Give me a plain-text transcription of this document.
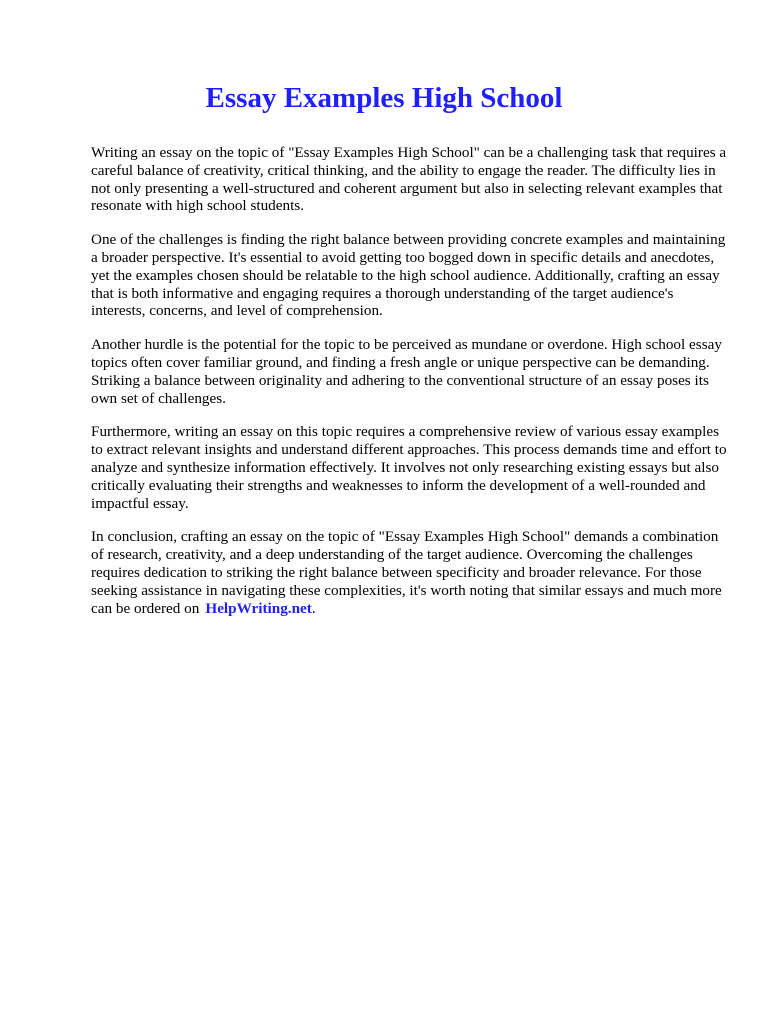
Essay Examples High School

Writing an essay on the topic of "Essay Examples High School" can be a challenging task that requires a careful balance of creativity, critical thinking, and the ability to engage the reader. The difficulty lies in not only presenting a well-structured and coherent argument but also in selecting relevant examples that resonate with high school students.

One of the challenges is finding the right balance between providing concrete examples and maintaining a broader perspective. It's essential to avoid getting too bogged down in specific details and anecdotes, yet the examples chosen should be relatable to the high school audience. Additionally, crafting an essay that is both informative and engaging requires a thorough understanding of the target audience's interests, concerns, and level of comprehension.

Another hurdle is the potential for the topic to be perceived as mundane or overdone. High school essay topics often cover familiar ground, and finding a fresh angle or unique perspective can be demanding. Striking a balance between originality and adhering to the conventional structure of an essay poses its own set of challenges.

Furthermore, writing an essay on this topic requires a comprehensive review of various essay examples to extract relevant insights and understand different approaches. This process demands time and effort to analyze and synthesize information effectively. It involves not only researching existing essays but also critically evaluating their strengths and weaknesses to inform the development of a well-rounded and impactful essay.

In conclusion, crafting an essay on the topic of "Essay Examples High School" demands a combination of research, creativity, and a deep understanding of the target audience. Overcoming the challenges requires dedication to striking the right balance between specificity and broader relevance. For those seeking assistance in navigating these complexities, it's worth noting that similar essays and much more can be ordered on HelpWriting.net.
